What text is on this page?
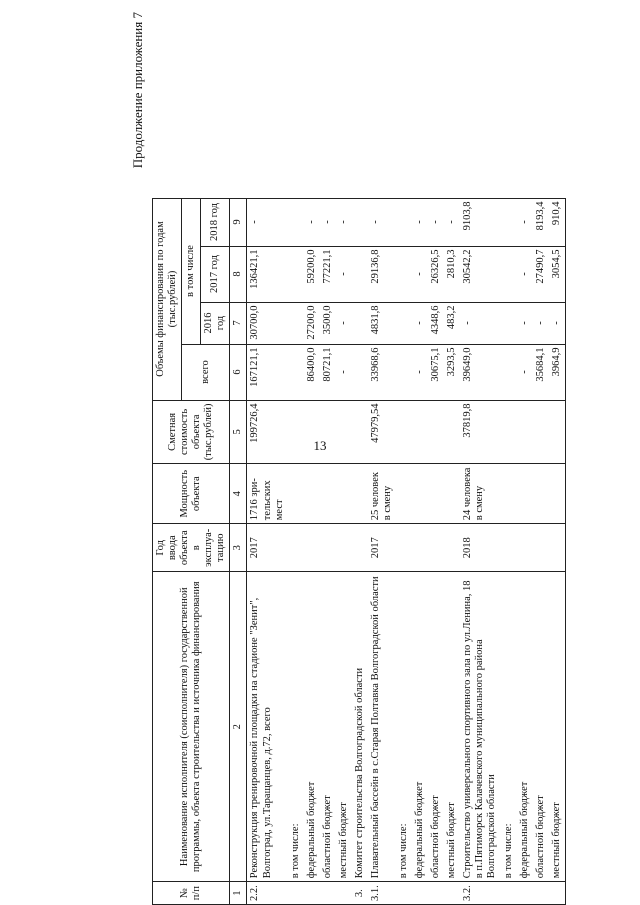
13
Продолжение приложения 7
№ п/п	Наименование исполнителя (соисполнителя) государственной программы, объекта строительства и источника финансирования	Год ввода объекта в эксплуа-тацию	Мощность объекта	Сметная стоимость объекта (тыс.рублей)	Объемы финансирования по годам (тыс.рублей)			
					всего	в том числе		
						2016 год	2017 год	2018 год
1	2	3	4	5	6	7	8	9
2.2.	Реконструкция тренировочной площадки на стадионе "Зенит", Волгоград, ул.Таращанцев, д.72, всего	2017	1716 зри-тельских мест	199726,4	167121,1	30700,0	136421,1	-
	в том числе:							
	федеральный бюджет				86400,0	27200,0	59200,0	-
	областной бюджет				80721,1	3500,0	77221,1	-
	местный бюджет				-	-	-	-
3.	Комитет строительства Волгоградской области							
3.1.	Плавательный бассейн в с.Старая Полтавка Волгоградской области	2017	25 человек в смену	47979,54	33968,6	4831,8	29136,8	-
	в том числе:							
	федеральный бюджет				-	-	-	-
	областной бюджет				30675,1	4348,6	26326,5	-
	местный бюджет				3293,5	483,2	2810,3	-
3.2.	Строительство универсального спортивного зала по ул.Ленина, 18 в п.Пятиморск Калачевского муниципального района Волгоградской области	2018	24 человека в смену	37819,8	39649,0	-	30542,2	9103,8
	в том числе:							
	федеральный бюджет				-	-	-	-
	областной бюджет				35684,1	-	27490,7	8193,4
	местный бюджет				3964,9	-	3054,5	910,4
